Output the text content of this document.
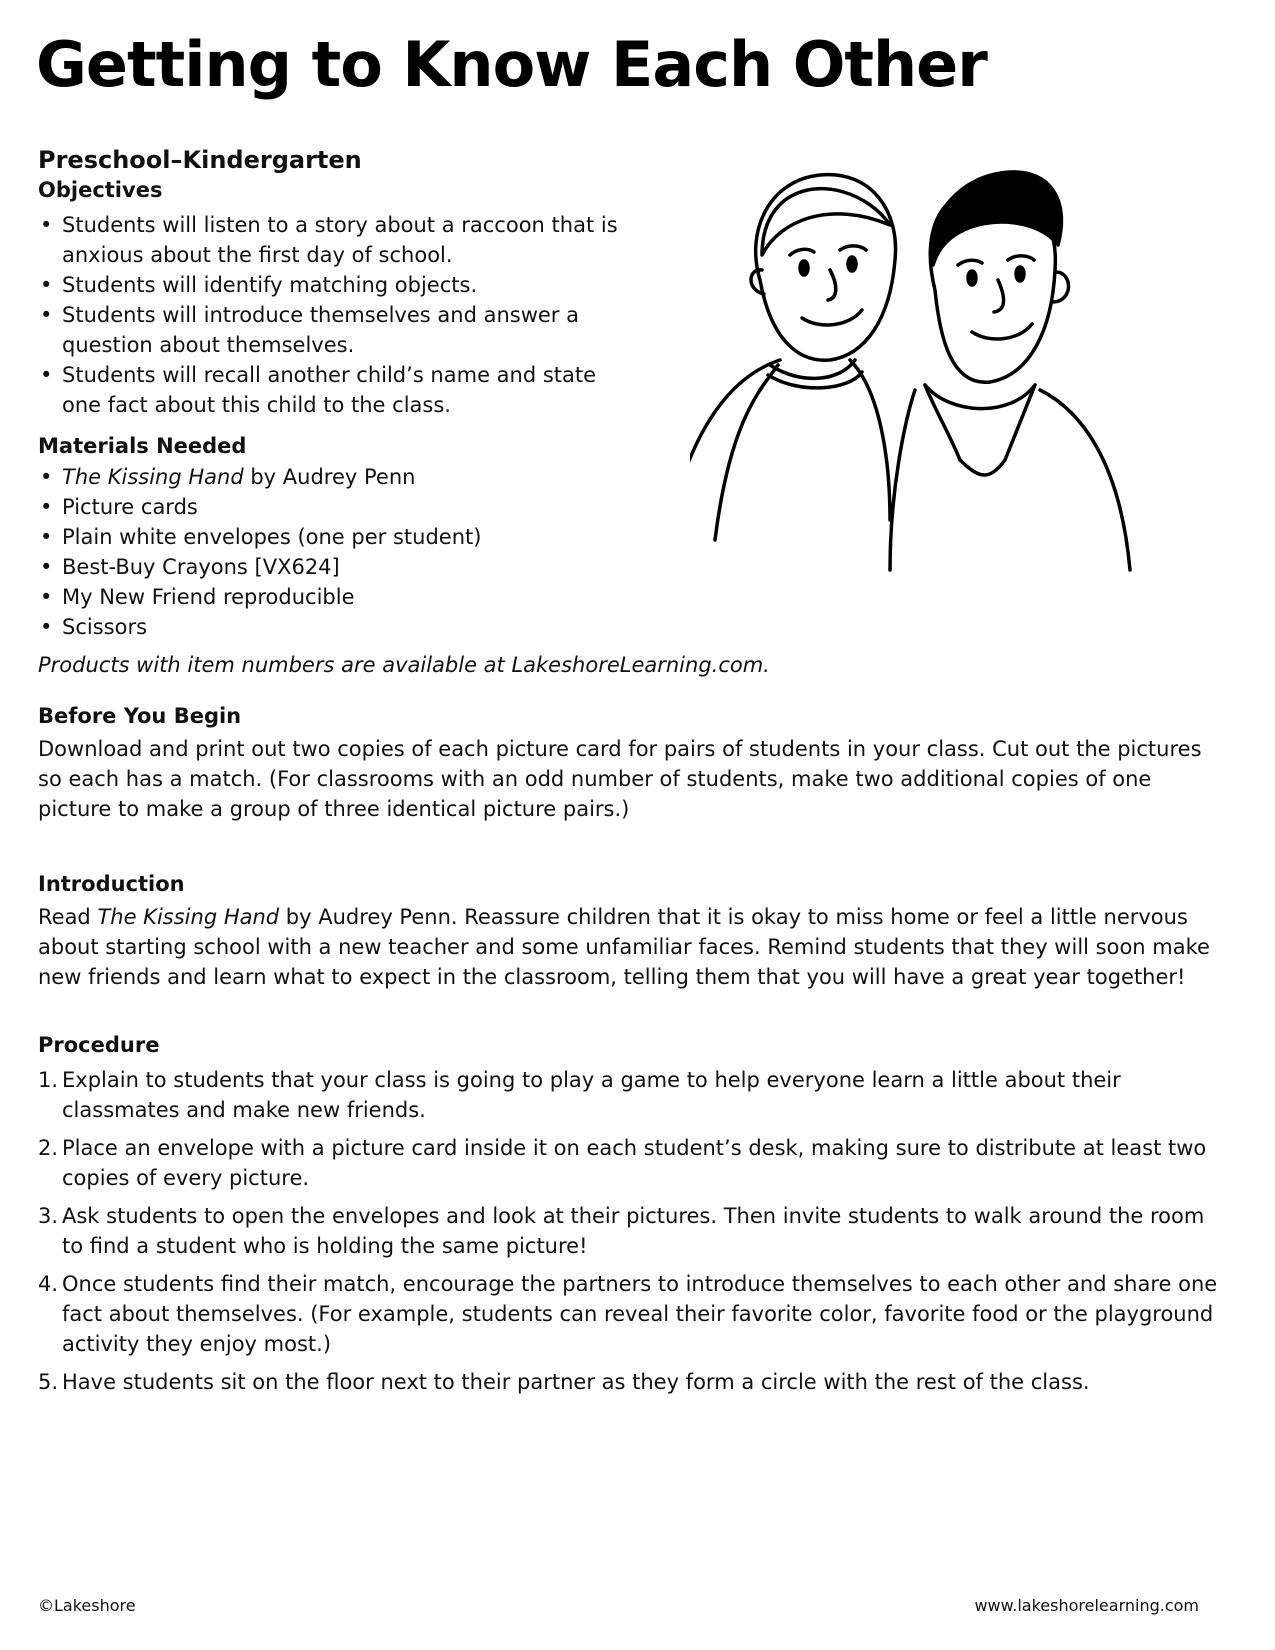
Getting to Know Each Other
Preschool–Kindergarten
Objectives
• Students will listen to a story about a raccoon that is anxious about the first day of school.
• Students will identify matching objects.
• Students will introduce themselves and answer a question about themselves.
• Students will recall another child’s name and state one fact about this child to the class.
Materials Needed
• The Kissing Hand by Audrey Penn
• Picture cards
• Plain white envelopes (one per student)
• Best-Buy Crayons [VX624]
• My New Friend reproducible
• Scissors

Products with item numbers are available at LakeshoreLearning.com.

Before You Begin

Download and print out two copies of each picture card for pairs of students in your class. Cut out the pictures so each has a match. (For classrooms with an odd number of students, make two additional copies of one picture to make a group of three identical picture pairs.)

Introduction

Read The Kissing Hand by Audrey Penn. Reassure children that it is okay to miss home or feel a little nervous about starting school with a new teacher and some unfamiliar faces. Remind students that they will soon make new friends and learn what to expect in the classroom, telling them that you will have a great year together!

Procedure
1. Explain to students that your class is going to play a game to help everyone learn a little about their classmates and make new friends.
2. Place an envelope with a picture card inside it on each student’s desk, making sure to distribute at least two copies of every picture.
3. Ask students to open the envelopes and look at their pictures. Then invite students to walk around the room to find a student who is holding the same picture!
4. Once students find their match, encourage the partners to introduce themselves to each other and share one fact about themselves. (For example, students can reveal their favorite color, favorite food or the playground activity they enjoy most.)
5. Have students sit on the floor next to their partner as they form a circle with the rest of the class.
©Lakeshore	www.lakeshorelearning.com
